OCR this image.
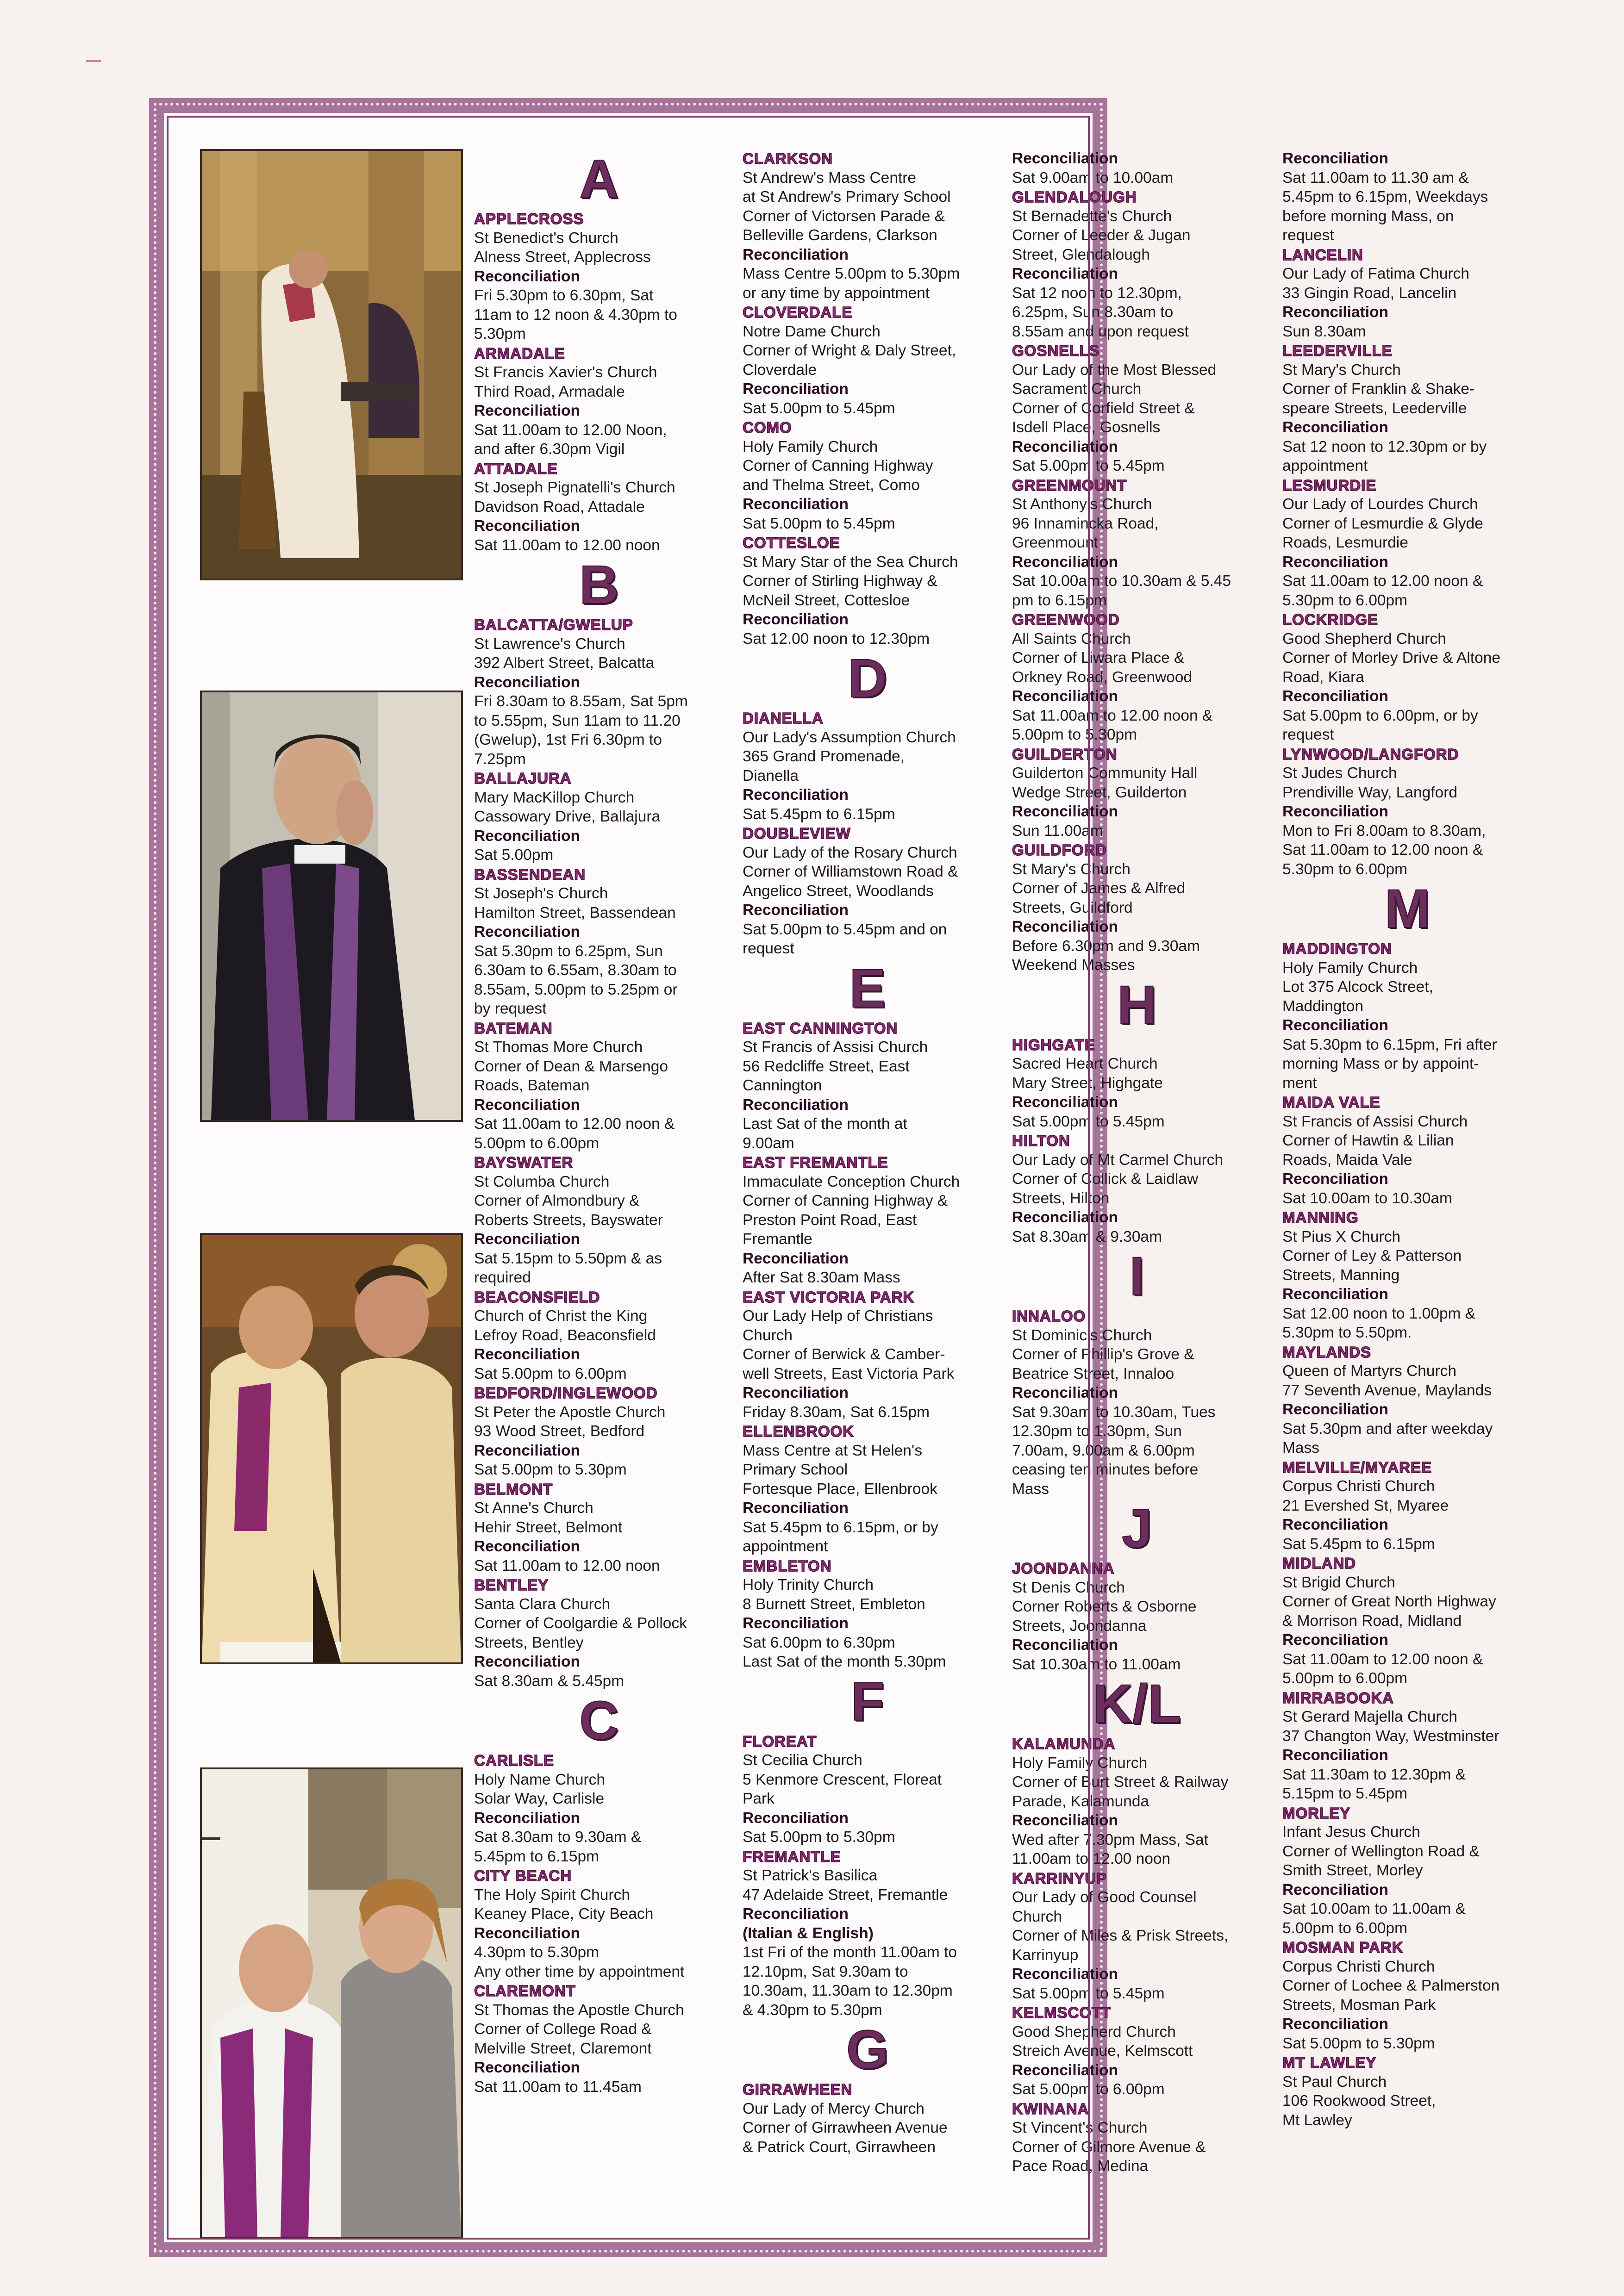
A
APPLECROSS
St Benedict's Church
Alness Street, Applecross
Reconciliation
Fri 5.30pm to 6.30pm, Sat
11am to 12 noon & 4.30pm to
5.30pm
ARMADALE
St Francis Xavier's Church
Third Road, Armadale
Reconciliation
Sat 11.00am to 12.00 Noon,
and after 6.30pm Vigil
ATTADALE
St Joseph Pignatelli's Church
Davidson Road, Attadale
Reconciliation
Sat 11.00am to 12.00 noon
B
BALCATTA/GWELUP
St Lawrence's Church
392 Albert Street, Balcatta
Reconciliation
Fri 8.30am to 8.55am, Sat 5pm
to 5.55pm, Sun 11am to 11.20
(Gwelup), 1st Fri 6.30pm to
7.25pm
BALLAJURA
Mary MacKillop Church
Cassowary Drive, Ballajura
Reconciliation
Sat 5.00pm
BASSENDEAN
St Joseph's Church
Hamilton Street, Bassendean
Reconciliation
Sat 5.30pm to 6.25pm, Sun
6.30am to 6.55am, 8.30am to
8.55am, 5.00pm to 5.25pm or
by request
BATEMAN
St Thomas More Church
Corner of Dean & Marsengo
Roads, Bateman
Reconciliation
Sat 11.00am to 12.00 noon &
5.00pm to 6.00pm
BAYSWATER
St Columba Church
Corner of Almondbury &
Roberts Streets, Bayswater
Reconciliation
Sat 5.15pm to 5.50pm & as
required
BEACONSFIELD
Church of Christ the King
Lefroy Road, Beaconsfield
Reconciliation
Sat 5.00pm to 6.00pm
BEDFORD/INGLEWOOD
St Peter the Apostle Church
93 Wood Street, Bedford
Reconciliation
Sat 5.00pm to 5.30pm
BELMONT
St Anne's Church
Hehir Street, Belmont
Reconciliation
Sat 11.00am to 12.00 noon
BENTLEY
Santa Clara Church
Corner of Coolgardie & Pollock
Streets, Bentley
Reconciliation
Sat 8.30am & 5.45pm
C
CARLISLE
Holy Name Church
Solar Way, Carlisle
Reconciliation
Sat 8.30am to 9.30am &
5.45pm to 6.15pm
CITY BEACH
The Holy Spirit Church
Keaney Place, City Beach
Reconciliation
4.30pm to 5.30pm
Any other time by appointment
CLAREMONT
St Thomas the Apostle Church
Corner of College Road &
Melville Street, Claremont
Reconciliation
Sat 11.00am to 11.45am
CLARKSON
St Andrew's Mass Centre
at St Andrew's Primary School
Corner of Victorsen Parade &
Belleville Gardens, Clarkson
Reconciliation
Mass Centre 5.00pm to 5.30pm
or any time by appointment
CLOVERDALE
Notre Dame Church
Corner of Wright & Daly Street,
Cloverdale
Reconciliation
Sat 5.00pm to 5.45pm
COMO
Holy Family Church
Corner of Canning Highway
and Thelma Street, Como
Reconciliation
Sat 5.00pm to 5.45pm
COTTESLOE
St Mary Star of the Sea Church
Corner of Stirling Highway &
McNeil Street, Cottesloe
Reconciliation
Sat 12.00 noon to 12.30pm
D
DIANELLA
Our Lady's Assumption Church
365 Grand Promenade,
Dianella
Reconciliation
Sat 5.45pm to 6.15pm
DOUBLEVIEW
Our Lady of the Rosary Church
Corner of Williamstown Road &
Angelico Street, Woodlands
Reconciliation
Sat 5.00pm to 5.45pm and on
request
E
EAST CANNINGTON
St Francis of Assisi Church
56 Redcliffe Street, East
Cannington
Reconciliation
Last Sat of the month at
9.00am
EAST FREMANTLE
Immaculate Conception Church
Corner of Canning Highway &
Preston Point Road, East
Fremantle
Reconciliation
After Sat 8.30am Mass
EAST VICTORIA PARK
Our Lady Help of Christians
Church
Corner of Berwick & Camber-
well Streets, East Victoria Park
Reconciliation
Friday 8.30am, Sat 6.15pm
ELLENBROOK
Mass Centre at St Helen's
Primary School
Fortesque Place, Ellenbrook
Reconciliation
Sat 5.45pm to 6.15pm, or by
appointment
EMBLETON
Holy Trinity Church
8 Burnett Street, Embleton
Reconciliation
Sat 6.00pm to 6.30pm
Last Sat of the month 5.30pm
F
FLOREAT
St Cecilia Church
5 Kenmore Crescent, Floreat
Park
Reconciliation
Sat 5.00pm to 5.30pm
FREMANTLE
St Patrick's Basilica
47 Adelaide Street, Fremantle
Reconciliation
(Italian & English)
1st Fri of the month 11.00am to
12.10pm, Sat 9.30am to
10.30am, 11.30am to 12.30pm
& 4.30pm to 5.30pm
G
GIRRAWHEEN
Our Lady of Mercy Church
Corner of Girrawheen Avenue
& Patrick Court, Girrawheen
Reconciliation
Sat 9.00am to 10.00am
GLENDALOUGH
St Bernadette's Church
Corner of Leeder & Jugan
Street, Glendalough
Reconciliation
Sat 12 noon to 12.30pm,
6.25pm, Sun 8.30am to
8.55am and upon request
GOSNELLS
Our Lady of the Most Blessed
Sacrament Church
Corner of Corfield Street &
Isdell Place, Gosnells
Reconciliation
Sat 5.00pm to 5.45pm
GREENMOUNT
St Anthony's Church
96 Innamincka Road,
Greenmount
Reconciliation
Sat 10.00am to 10.30am & 5.45
pm to 6.15pm
GREENWOOD
All Saints Church
Corner of Liwara Place &
Orkney Road, Greenwood
Reconciliation
Sat 11.00am to 12.00 noon &
5.00pm to 5.30pm
GUILDERTON
Guilderton Community Hall
Wedge Street, Guilderton
Reconciliation
Sun 11.00am
GUILDFORD
St Mary's Church
Corner of James & Alfred
Streets, Guildford
Reconciliation
Before 6.30pm and 9.30am
Weekend Masses
H
HIGHGATE
Sacred Heart Church
Mary Street, Highgate
Reconciliation
Sat 5.00pm to 5.45pm
HILTON
Our Lady of Mt Carmel Church
Corner of Collick & Laidlaw
Streets, Hilton
Reconciliation
Sat 8.30am & 9.30am
I
INNALOO
St Dominic's Church
Corner of Phillip's Grove &
Beatrice Street, Innaloo
Reconciliation
Sat 9.30am to 10.30am, Tues
12.30pm to 1.30pm, Sun
7.00am, 9.00am & 6.00pm
ceasing ten minutes before
Mass
J
JOONDANNA
St Denis Church
Corner Roberts & Osborne
Streets, Joondanna
Reconciliation
Sat 10.30am to 11.00am
K/L
KALAMUNDA
Holy Family Church
Corner of Burt Street & Railway
Parade, Kalamunda
Reconciliation
Wed after 7.30pm Mass, Sat
11.00am to 12.00 noon
KARRINYUP
Our Lady of Good Counsel
Church
Corner of Miles & Prisk Streets,
Karrinyup
Reconciliation
Sat 5.00pm to 5.45pm
KELMSCOTT
Good Shepherd Church
Streich Avenue, Kelmscott
Reconciliation
Sat 5.00pm to 6.00pm
KWINANA
St Vincent's Church
Corner of Gilmore Avenue &
Pace Road, Medina
Reconciliation
Sat 11.00am to 11.30 am &
5.45pm to 6.15pm, Weekdays
before morning Mass, on
request
LANCELIN
Our Lady of Fatima Church
33 Gingin Road, Lancelin
Reconciliation
Sun 8.30am
LEEDERVILLE
St Mary's Church
Corner of Franklin & Shake-
speare Streets, Leederville
Reconciliation
Sat 12 noon to 12.30pm or by
appointment
LESMURDIE
Our Lady of Lourdes Church
Corner of Lesmurdie & Glyde
Roads, Lesmurdie
Reconciliation
Sat 11.00am to 12.00 noon &
5.30pm to 6.00pm
LOCKRIDGE
Good Shepherd Church
Corner of Morley Drive & Altone
Road, Kiara
Reconciliation
Sat 5.00pm to 6.00pm, or by
request
LYNWOOD/LANGFORD
St Judes Church
Prendiville Way, Langford
Reconciliation
Mon to Fri 8.00am to 8.30am,
Sat 11.00am to 12.00 noon &
5.30pm to 6.00pm
M
MADDINGTON
Holy Family Church
Lot 375 Alcock Street,
Maddington
Reconciliation
Sat 5.30pm to 6.15pm, Fri after
morning Mass or by appoint-
ment
MAIDA VALE
St Francis of Assisi Church
Corner of Hawtin & Lilian
Roads, Maida Vale
Reconciliation
Sat 10.00am to 10.30am
MANNING
St Pius X Church
Corner of Ley & Patterson
Streets, Manning
Reconciliation
Sat 12.00 noon to 1.00pm &
5.30pm to 5.50pm.
MAYLANDS
Queen of Martyrs Church
77 Seventh Avenue, Maylands
Reconciliation
Sat 5.30pm and after weekday
Mass
MELVILLE/MYAREE
Corpus Christi Church
21 Evershed St, Myaree
Reconciliation
Sat 5.45pm to 6.15pm
MIDLAND
St Brigid Church
Corner of Great North Highway
& Morrison Road, Midland
Reconciliation
Sat 11.00am to 12.00 noon &
5.00pm to 6.00pm
MIRRABOOKA
St Gerard Majella Church
37 Changton Way, Westminster
Reconciliation
Sat 11.30am to 12.30pm &
5.15pm to 5.45pm
MORLEY
Infant Jesus Church
Corner of Wellington Road &
Smith Street, Morley
Reconciliation
Sat 10.00am to 11.00am &
5.00pm to 6.00pm
MOSMAN PARK
Corpus Christi Church
Corner of Lochee & Palmerston
Streets, Mosman Park
Reconciliation
Sat 5.00pm to 5.30pm
MT LAWLEY
St Paul Church
106 Rookwood Street,
Mt Lawley
